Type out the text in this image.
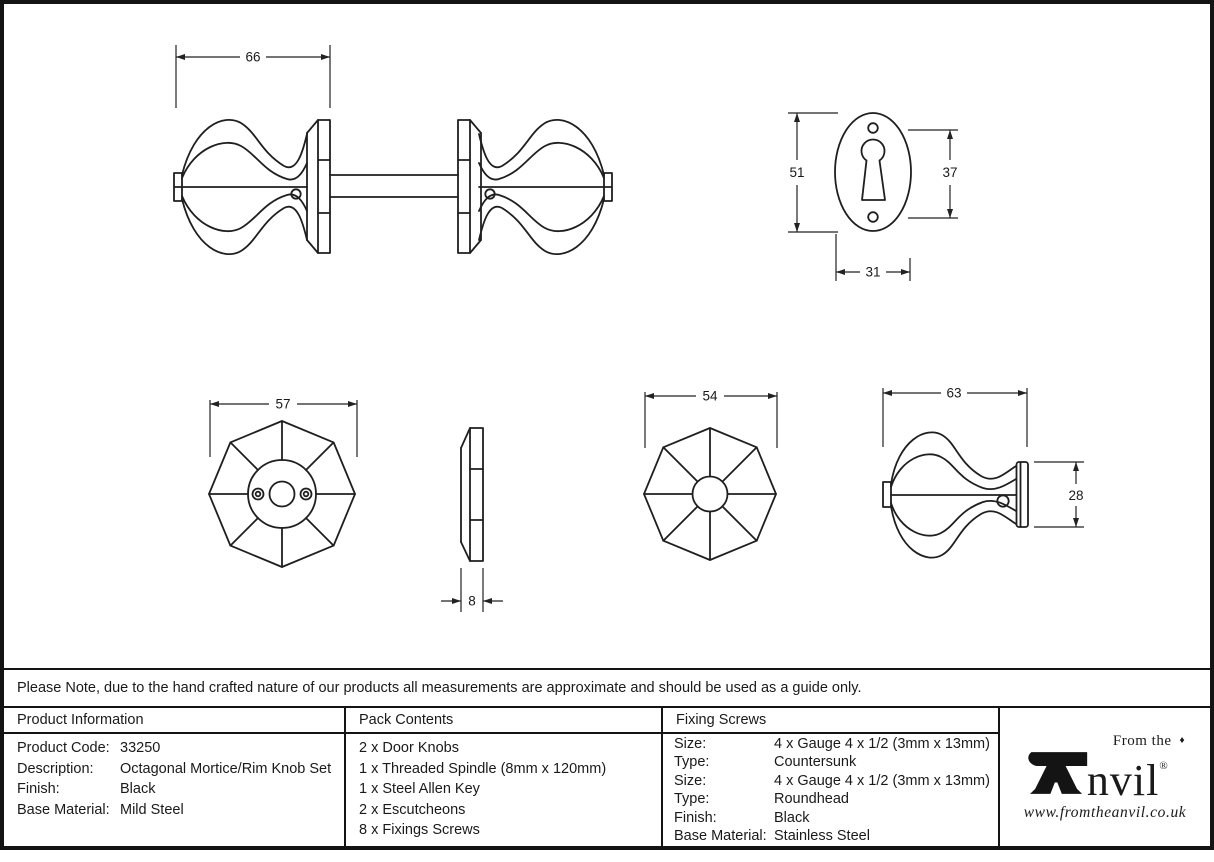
66
51	37
31
57
8
54	63
28
Please Note, due to the hand crafted nature of our products all measurements are approximate and should be used as a guide only.
Product Information
Product Code: 33250
Description:	Octagonal Mortice/Rim Knob Set
Finish:	Black
Base Material: Mild Steel
Pack Contents
2 x Door Knobs
1 x Threaded Spindle (8mm x 120mm)
1 x Steel Allen Key
2 x Escutcheons
8 x Fixings Screws
Fixing Screws
Size:	4 x Gauge 4 x 1/2 (3mm x 13mm)
Type:	Countersunk
Size:	4 x Gauge 4 x 1/2 (3mm x 13mm)
Type:	Roundhead
Finish:	Black
Base Material: Stainless Steel
From the ♦
nvil®
www.fromtheanvil.co.uk
